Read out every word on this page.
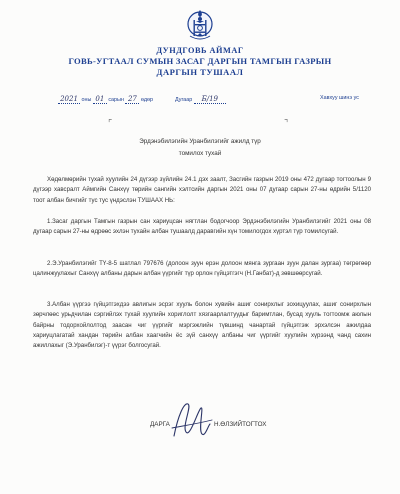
ДУНДГОВЬ АЙМАГ
ГОВЬ-УГТААЛ СУМЫН ЗАСАГ ДАРГЫН ТАМГЫН ГАЗРЫН
ДАРГЫН ТУШААЛ
2021 оны 01 сарын 27 өдөр	Дугаар Б/19	Хавхуу шинэ ус
⌜	⌝
Эрдэнэбилэгийн Уранбилэгийг ажилд түр
томилох тухай
Хөдөлмөрийн тухай хуулийн 24 дүгээр зүйлийн 24.1 дэх заалт, Засгийн газрын 2019 оны 472 дугаар тогтоолын 9 дүгээр хавсралт Аймгийн Санхүү төрийн сангийн хэлтсийн даргын 2021 оны 07 дугаар сарын 27-ны өдрийн 5/1120 тоот албан бичгийг тус тус үндэслэн ТУШААХ НЬ:
1.Засаг даргын Тамгын газрын сан хариуцсан нягтлан бодогчоор Эрдэнэбилэгийн Уранбилэгийг 2021 оны 08 дугаар сарын 27-ны өдрөөс эхлэн тухайн албан тушаалд даравгийн хүн томилогдох хүртэл түр томилсугай.
2.Э.Уранбилэгийг ТҮ-8-5 шатлал 797676 (долоон зуун ерэн долоон мянга зургаан зуун далан зургаа) төгрөгөөр цалинжуулахыг Санхүү албаны дарын албан үүргийг түр орлон гүйцэтгэгч (Н.Ганбат)-д зөвшөөрсугай.
3.Албан үүргээ гүйцэтгэхдээ авлигын эсрэг хууль болон хувийн ашиг сонирхлыг зохицуулах, ашиг сонирхлын зөрчлөөс урьдчилан сэргийлэх тухай хуулийн хориглолт хязгаарлалтуудыг баримтлан, бусад хууль тогтоомж аюлын байрны тодорхойлолтод заасан чиг үүргийг мэргэжлийн түвшинд чанартай гүйцэтгэж эрхэлсэн ажилдаа хариуцлагатай хандан төрийн албан хаагчийн ёс зүй санхүү албаны чиг үүргийг хуулийн хүрээнд чанд сахин ажиллахыг (Э.Уранбилэг)-т үүрэг болгосугай.
ДАРГА	Н.ӨЛЗИЙТОГТОХ
